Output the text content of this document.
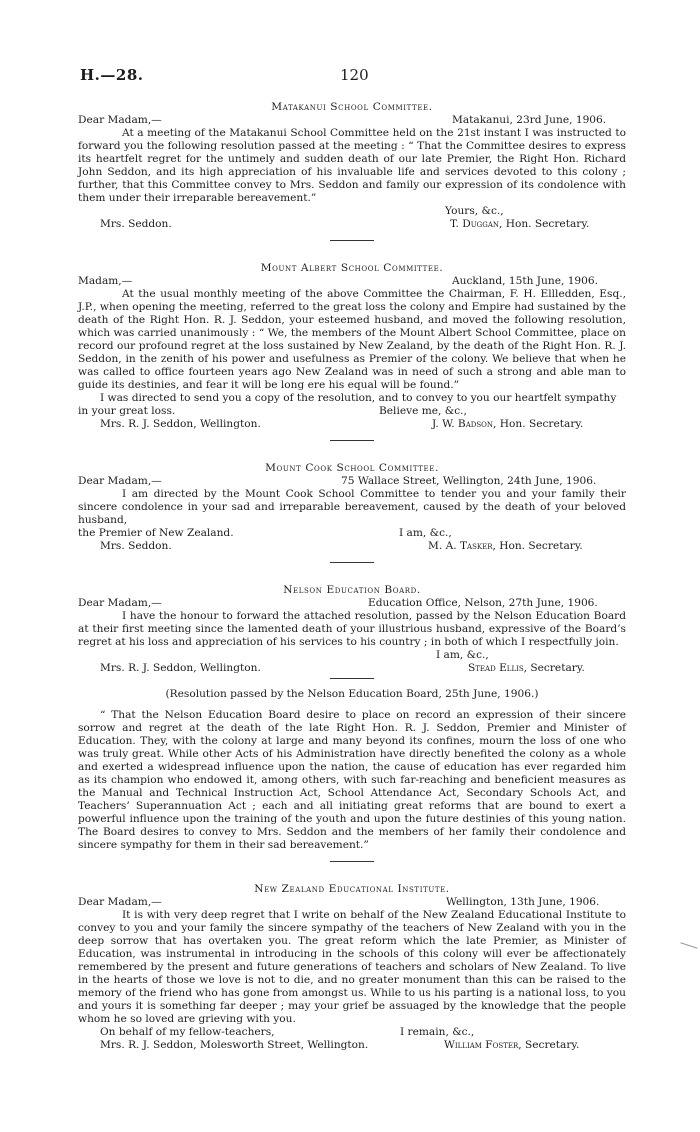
H.—28.	120
Matakanui School Committee.
Dear Madam,—	Matakanui, 23rd June, 1906.

At a meeting of the Matakanui School Committee held on the 21st instant I was instructed to forward you the following resolution passed at the meeting : “ That the Committee desires to express its heartfelt regret for the untimely and sudden death of our late Premier, the Right Hon. Richard John Seddon, and its high appreciation of his invaluable life and services devoted to this colony ; further, that this Committee convey to Mrs. Seddon and family our expression of its condolence with them under their irreparable bereavement.”

Yours, &c.,
Mrs. Seddon.	T. Duggan, Hon. Secretary.
Mount Albert School Committee.
Madam,—	Auckland, 15th June, 1906.

At the usual monthly meeting of the above Committee the Chairman, F. H. Ellledden, Esq., J.P., when opening the meeting, referred to the great loss the colony and Empire had sustained by the death of the Right Hon. R. J. Seddon, your esteemed husband, and moved the following resolution, which was carried unanimously : “ We, the members of the Mount Albert School Committee, place on record our profound regret at the loss sustained by New Zealand, by the death of the Right Hon. R. J. Seddon, in the zenith of his power and usefulness as Premier of the colony. We believe that when he was called to office fourteen years ago New Zealand was in need of such a strong and able man to guide its destinies, and fear it will be long ere his equal will be found.”

I was directed to send you a copy of the resolution, and to convey to you our heartfelt sympathy

in your great loss.	Believe me, &c.,
Mrs. R. J. Seddon, Wellington.	J. W. Badson, Hon. Secretary.
Mount Cook School Committee.
Dear Madam,—	75 Wallace Street, Wellington, 24th June, 1906.

I am directed by the Mount Cook School Committee to tender you and your family their sincere condolence in your sad and irreparable bereavement, caused by the death of your beloved husband,

the Premier of New Zealand.	I am, &c.,
Mrs. Seddon.	M. A. Tasker, Hon. Secretary.
Nelson Education Board.
Dear Madam,—	Education Office, Nelson, 27th June, 1906.

I have the honour to forward the attached resolution, passed by the Nelson Education Board at their first meeting since the lamented death of your illustrious husband, expressive of the Board’s regret at his loss and appreciation of his services to his country ; in both of which I respectfully join.

I am, &c.,
Mrs. R. J. Seddon, Wellington.	Stead Ellis, Secretary.
(Resolution passed by the Nelson Education Board, 25th June, 1906.)

“ That the Nelson Education Board desire to place on record an expression of their sincere sorrow and regret at the death of the late Right Hon. R. J. Seddon, Premier and Minister of Education. They, with the colony at large and many beyond its confines, mourn the loss of one who was truly great. While other Acts of his Administration have directly benefited the colony as a whole and exerted a widespread influence upon the nation, the cause of education has ever regarded him as its champion who endowed it, among others, with such far-reaching and beneficient measures as the Manual and Technical Instruction Act, School Attendance Act, Secondary Schools Act, and Teachers’ Superannuation Act ; each and all initiating great reforms that are bound to exert a powerful influence upon the training of the youth and upon the future destinies of this young nation. The Board desires to convey to Mrs. Seddon and the members of her family their condolence and sincere sympathy for them in their sad bereavement.”

New Zealand Educational Institute.
Dear Madam,—	Wellington, 13th June, 1906.

It is with very deep regret that I write on behalf of the New Zealand Educational Institute to convey to you and your family the sincere sympathy of the teachers of New Zealand with you in the deep sorrow that has overtaken you. The great reform which the late Premier, as Minister of Education, was instrumental in introducing in the schools of this colony will ever be affectionately remembered by the present and future generations of teachers and scholars of New Zealand. To live in the hearts of those we love is not to die, and no greater monument than this can be raised to the memory of the friend who has gone from amongst us. While to us his parting is a national loss, to you and yours it is something far deeper ; may your grief be assuaged by the knowledge that the people whom he so loved are grieving with you.

On behalf of my fellow-teachers,	I remain, &c.,
Mrs. R. J. Seddon, Molesworth Street, Wellington.	William Foster, Secretary.
